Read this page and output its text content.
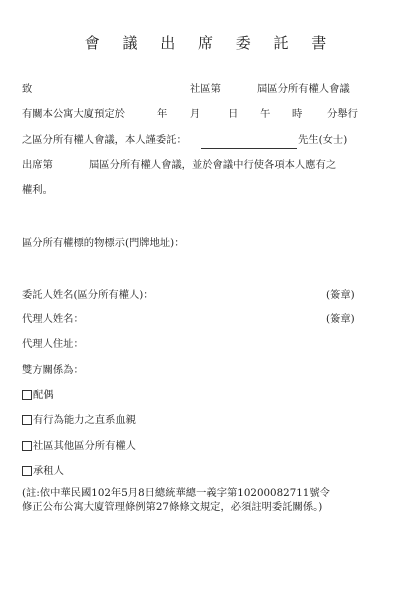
會 議 出 席 委 託 書
致	社區第	屆區分所有權人會議
有關本公寓大廈預定於	年 月	日 午 時 分舉行
之區分所有權人會議，本人謹委託：	先生(女士)
出席第	屆區分所有權人會議，並於會議中行使各項本人應有之
權利。
區分所有權標的物標示(門牌地址)：
委託人姓名(區分所有權人)：	(簽章)
代理人姓名：	(簽章)
代理人住址：
雙方關係為：
配偶
有行為能力之直系血親
社區其他區分所有權人
承租人
(註:依中華民國102年5月8日總統華總一義字第10200082711號令
修正公布公寓大廈管理條例第27條條文規定，必須註明委託關係。)
